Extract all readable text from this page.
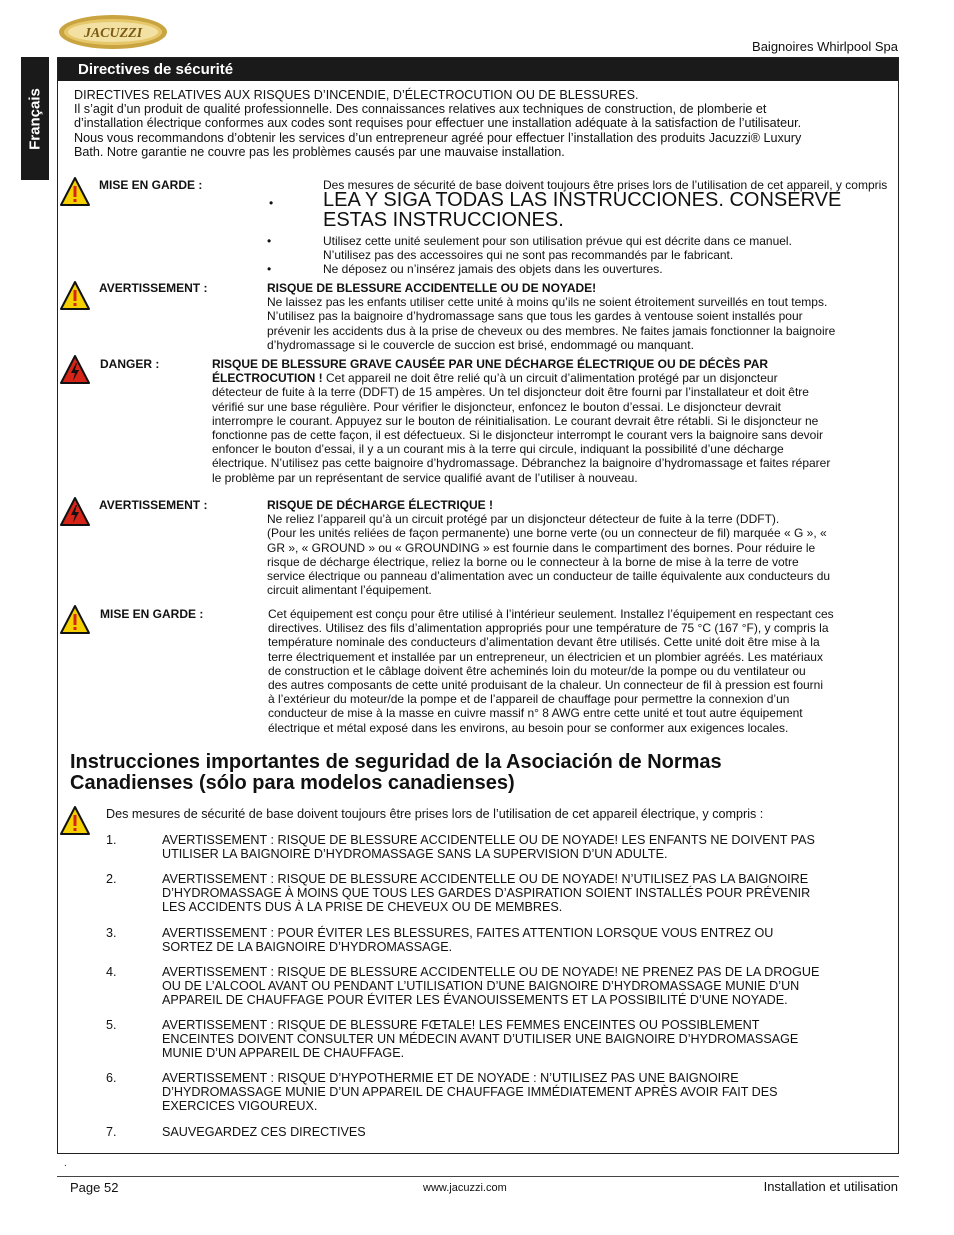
JACUZZI
Baignoires Whirlpool Spa
Français
Directives de sécurité

DIRECTIVES RELATIVES AUX RISQUES D’INCENDIE, D’ÉLECTROCUTION OU DE BLESSURES.

Il s’agit d’un produit de qualité professionnelle. Des connaissances relatives aux techniques de construction, de plomberie et

d’installation électrique conformes aux codes sont requises pour effectuer une installation adéquate à la satisfaction de l’utilisateur.

Nous vous recommandons d’obtenir les services d’un entrepreneur agréé pour effectuer l’installation des produits Jacuzzi® Luxury

Bath. Notre garantie ne couvre pas les problèmes causés par une mauvaise installation.

MISE EN GARDE :	Des mesures de sécurité de base doivent toujours être prises lors de l’utilisation de cet appareil, y compris
• LEA Y SIGA TODAS LAS INSTRUCCIONES. CONSERVE ESTAS INSTRUCCIONES.
•	Utilisez cette unité seulement pour son utilisation prévue qui est décrite dans ce manuel.
N’utilisez pas des accessoires qui ne sont pas recommandés par le fabricant.
•	Ne déposez ou n’insérez jamais des objets dans les ouvertures.
AVERTISSEMENT :	RISQUE DE BLESSURE ACCIDENTELLE OU DE NOYADE!

Ne laissez pas les enfants utiliser cette unité à moins qu’ils ne soient étroitement surveillés en tout temps.

N’utilisez pas la baignoire d’hydromassage sans que tous les gardes à ventouse soient installés pour

prévenir les accidents dus à la prise de cheveux ou des membres. Ne faites jamais fonctionner la baignoire

d’hydromassage si le couvercle de succion est brisé, endommagé ou manquant.

DANGER :	RISQUE DE BLESSURE GRAVE CAUSÉE PAR UNE DÉCHARGE ÉLECTRIQUE OU DE DÉCÈS PAR

ÉLECTROCUTION ! Cet appareil ne doit être relié qu’à un circuit d’alimentation protégé par un disjoncteur

détecteur de fuite à la terre (DDFT) de 15 ampères. Un tel disjoncteur doit être fourni par l’installateur et doit être

vérifié sur une base régulière. Pour vérifier le disjoncteur, enfoncez le bouton d’essai. Le disjoncteur devrait

interrompre le courant. Appuyez sur le bouton de réinitialisation. Le courant devrait être rétabli. Si le disjoncteur ne

fonctionne pas de cette façon, il est défectueux. Si le disjoncteur interrompt le courant vers la baignoire sans devoir

enfoncer le bouton d’essai, il y a un courant mis à la terre qui circule, indiquant la possibilité d’une décharge

électrique. N’utilisez pas cette baignoire d’hydromassage. Débranchez la baignoire d’hydromassage et faites réparer

le problème par un représentant de service qualifié avant de l’utiliser à nouveau.

AVERTISSEMENT :	RISQUE DE DÉCHARGE ÉLECTRIQUE !

Ne reliez l’appareil qu’à un circuit protégé par un disjoncteur détecteur de fuite à la terre (DDFT).

(Pour les unités reliées de façon permanente) une borne verte (ou un connecteur de fil) marquée « G », «

GR », « GROUND » ou « GROUNDING » est fournie dans le compartiment des bornes. Pour réduire le

risque de décharge électrique, reliez la borne ou le connecteur à la borne de mise à la terre de votre

service électrique ou panneau d’alimentation avec un conducteur de taille équivalente aux conducteurs du

circuit alimentant l’équipement.

MISE EN GARDE :	Cet équipement est conçu pour être utilisé à l’intérieur seulement. Installez l’équipement en respectant ces

directives. Utilisez des fils d’alimentation appropriés pour une température de 75 °C (167 °F), y compris la

température nominale des conducteurs d’alimentation devant être utilisés. Cette unité doit être mise à la

terre électriquement et installée par un entrepreneur, un électricien et un plombier agréés. Les matériaux

de construction et le câblage doivent être acheminés loin du moteur/de la pompe ou du ventilateur ou

des autres composants de cette unité produisant de la chaleur. Un connecteur de fil à pression est fourni

à l’extérieur du moteur/de la pompe et de l’appareil de chauffage pour permettre la connexion d’un

conducteur de mise à la masse en cuivre massif n° 8 AWG entre cette unité et tout autre équipement

électrique et métal exposé dans les environs, au besoin pour se conformer aux exigences locales.

Instrucciones importantes de seguridad de la Asociación de Normas
Canadienses (sólo para modelos canadienses)
Des mesures de sécurité de base doivent toujours être prises lors de l’utilisation de cet appareil électrique, y compris :
1.	AVERTISSEMENT : RISQUE DE BLESSURE ACCIDENTELLE OU DE NOYADE! LES ENFANTS NE DOIVENT PAS
UTILISER LA BAIGNOIRE D’HYDROMASSAGE SANS LA SUPERVISION D’UN ADULTE.
2.	AVERTISSEMENT : RISQUE DE BLESSURE ACCIDENTELLE OU DE NOYADE! N’UTILISEZ PAS LA BAIGNOIRE
D’HYDROMASSAGE À MOINS QUE TOUS LES GARDES D’ASPIRATION SOIENT INSTALLÉS POUR PRÉVENIR
LES ACCIDENTS DUS À LA PRISE DE CHEVEUX OU DE MEMBRES.
3.	AVERTISSEMENT : POUR ÉVITER LES BLESSURES, FAITES ATTENTION LORSQUE VOUS ENTREZ OU
SORTEZ DE LA BAIGNOIRE D’HYDROMASSAGE.
4.	AVERTISSEMENT : RISQUE DE BLESSURE ACCIDENTELLE OU DE NOYADE! NE PRENEZ PAS DE LA DROGUE
OU DE L’ALCOOL AVANT OU PENDANT L’UTILISATION D’UNE BAIGNOIRE D’HYDROMASSAGE MUNIE D’UN
APPAREIL DE CHAUFFAGE POUR ÉVITER LES ÉVANOUISSEMENTS ET LA POSSIBILITÉ D’UNE NOYADE.
5.	AVERTISSEMENT : RISQUE DE BLESSURE FŒTALE! LES FEMMES ENCEINTES OU POSSIBLEMENT
ENCEINTES DOIVENT CONSULTER UN MÉDECIN AVANT D’UTILISER UNE BAIGNOIRE D’HYDROMASSAGE
MUNIE D’UN APPAREIL DE CHAUFFAGE.
6.	AVERTISSEMENT : RISQUE D’HYPOTHERMIE ET DE NOYADE : N’UTILISEZ PAS UNE BAIGNOIRE
D’HYDROMASSAGE MUNIE D’UN APPAREIL DE CHAUFFAGE IMMÉDIATEMENT APRÈS AVOIR FAIT DES
EXERCICES VIGOUREUX.
7.	SAUVEGARDEZ CES DIRECTIVES
.
Page 52	www.jacuzzi.com	Installation et utilisation
